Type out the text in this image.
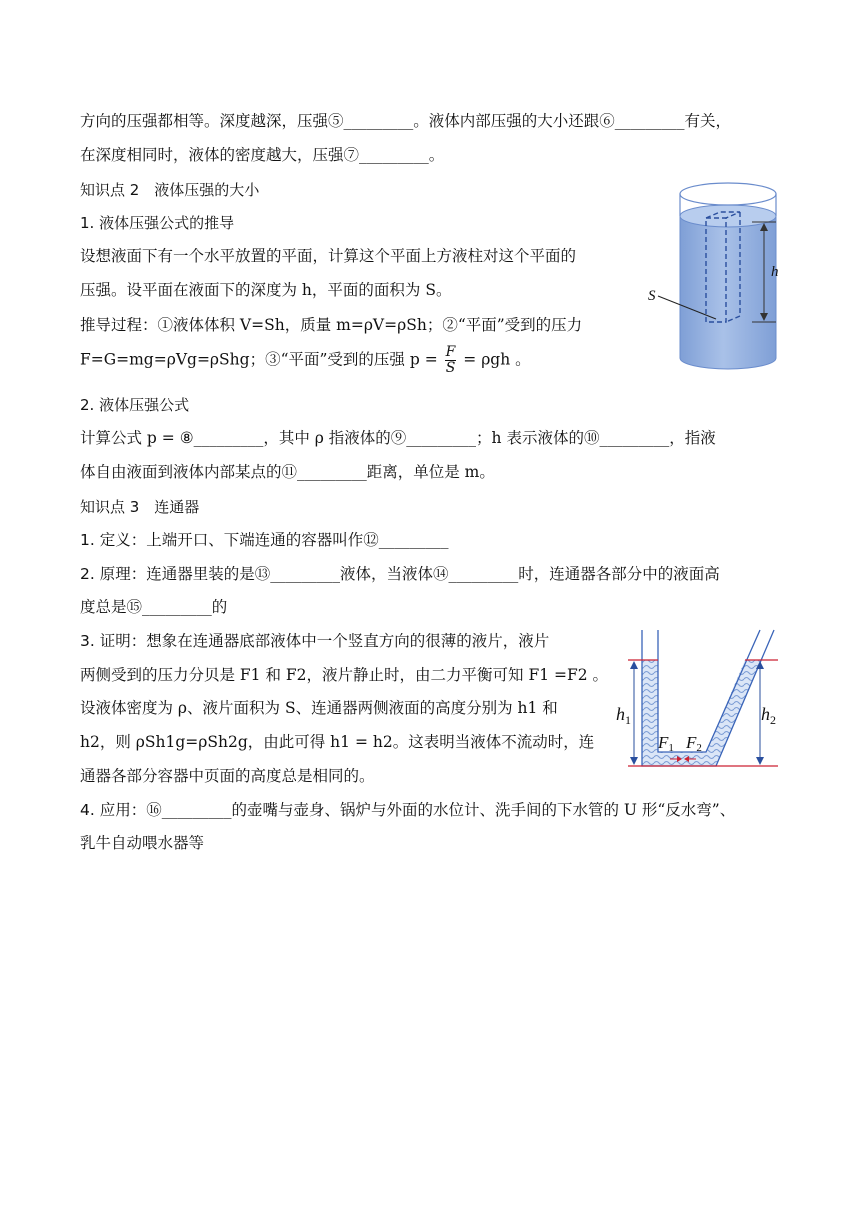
方向的压强都相等。深度越深，压强⑤_________。液体内部压强的大小还跟⑥_________有关，
在深度相同时，液体的密度越大，压强⑦_________。
知识点 2　液体压强的大小
1. 液体压强公式的推导
设想液面下有一个水平放置的平面，计算这个平面上方液柱对这个平面的
压强。设平面在液面下的深度为 h，平面的面积为 S。
推导过程：①液体体积 V=Sh，质量 m=ρV=ρSh；②“平面”受到的压力
F=G=mg=ρVg=ρShg；③“平面”受到的压强 $p = \frac{F}{S} = \rho gh$ 。
2. 液体压强公式
计算公式 p = ⑧_________，其中 ρ 指液体的⑨_________；h 表示液体的⑩_________，指液
体自由液面到液体内部某点的⑪_________距离，单位是 m。
知识点 3　连通器
1. 定义：上端开口、下端连通的容器叫作⑫_________
2. 原理：连通器里装的是⑬_________液体，当液体⑭_________时，连通器各部分中的液面高
度总是⑮_________的
3. 证明：想象在连通器底部液体中一个竖直方向的很薄的液片，液片
两侧受到的压力分贝是 F1 和 F2，液片静止时，由二力平衡可知 F1 =F2 。
设液体密度为 ρ、液片面积为 S、连通器两侧液面的高度分别为 h1 和
h2，则 ρSh1g=ρSh2g，由此可得 h1 = h2。这表明当液体不流动时，连
通器各部分容器中页面的高度总是相同的。
4. 应用：⑯_________的壶嘴与壶身、锅炉与外面的水位计、洗手间的下水管的 U 形“反水弯”、
乳牛自动喂水器等
S
h
$h_1$	$h_2$
F1 F2
